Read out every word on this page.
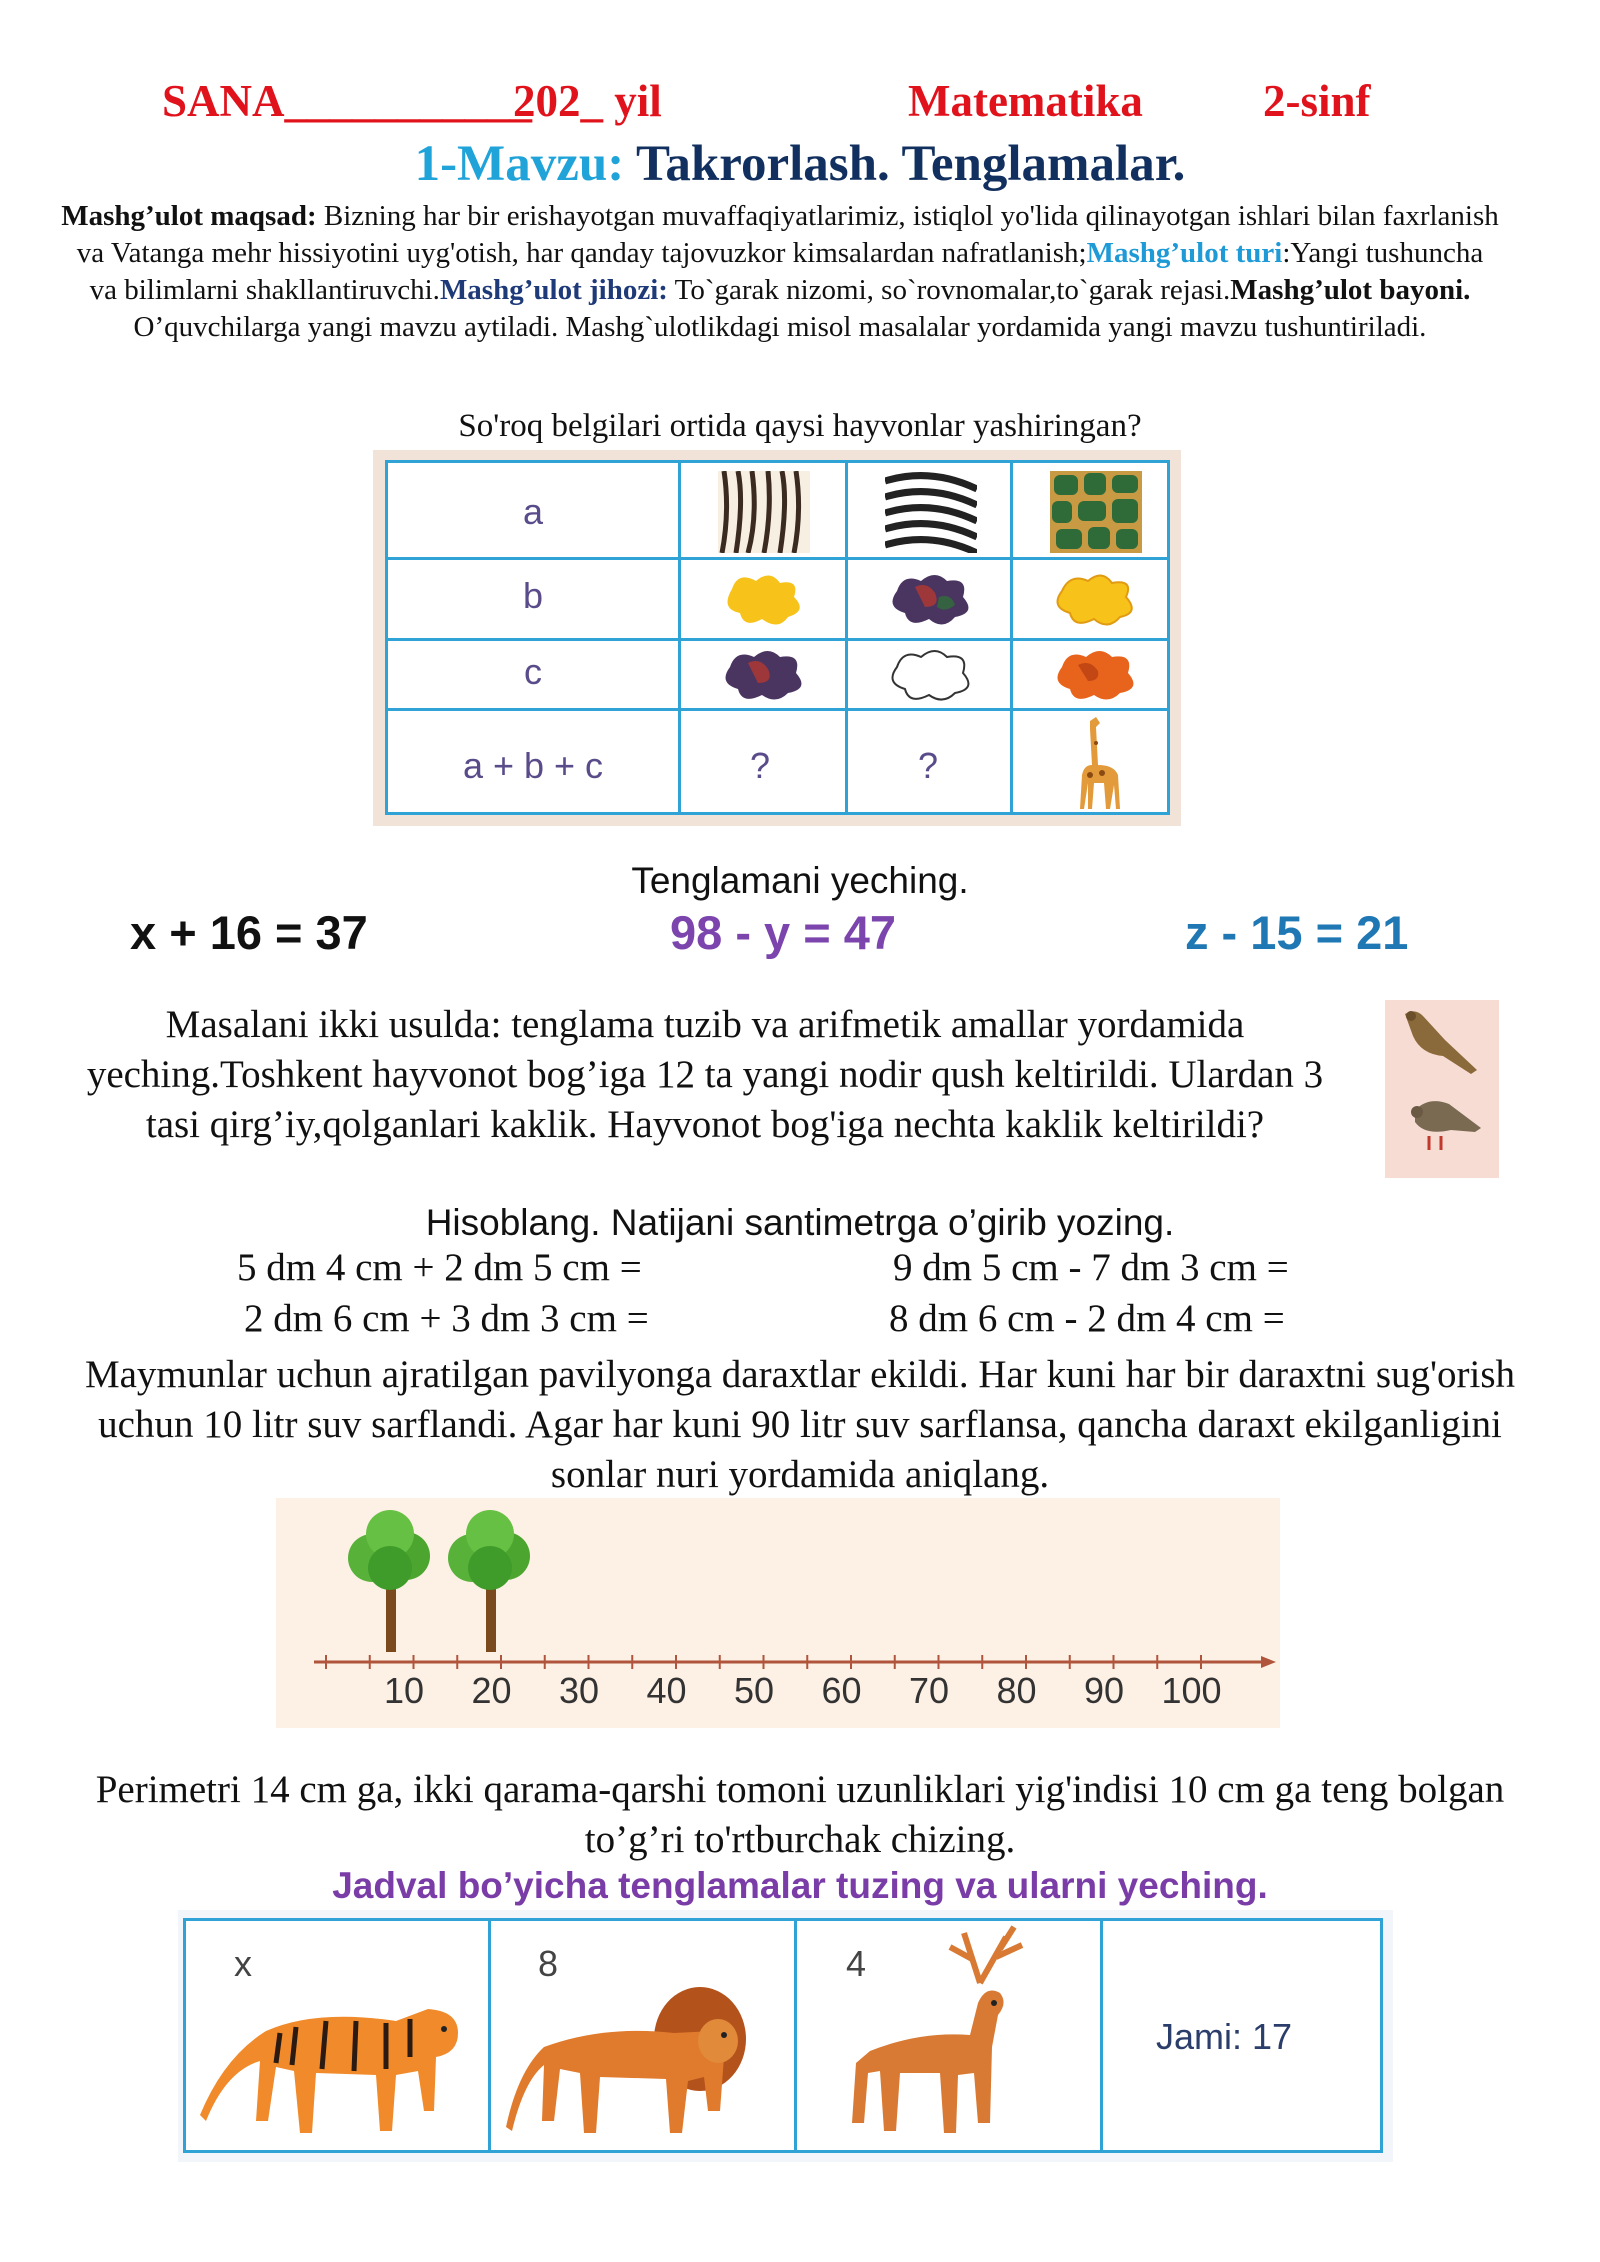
SANA___________
202_ yil	Matematika	2-sinf
1-Mavzu: Takrorlash. Tenglamalar.
Mashg’ulot maqsad: Bizning har bir erishayotgan muvaffaqiyatlarimiz, istiqlol yo'lida qilinayotgan ishlari bilan faxrlanish va Vatanga mehr hissiyotini uyg'otish, har qanday tajovuzkor kimsalardan nafratlanish;Mashg’ulot turi:Yangi tushuncha va bilimlarni shakllantiruvchi.Mashg’ulot jihozi: To`garak nizomi, so`rovnomalar,to`garak rejasi.Mashg’ulot bayoni. O’quvchilarga yangi mavzu aytiladi. Mashg`ulotlikdagi misol masalalar yordamida yangi mavzu tushuntiriladi.
So'roq belgilari ortida qaysi hayvonlar yashiringan?
a
b
c
a + b + c	?	?
Tenglamani yeching.
x + 16 = 37	98 - y = 47	z - 15 = 21
Masalani ikki usulda: tenglama tuzib va arifmetik amallar yordamida yeching.Toshkent hayvonot bog’iga 12 ta yangi nodir qush keltirildi. Ulardan 3 tasi qirg’iy,qolganlari kaklik. Hayvonot bog'iga nechta kaklik keltirildi?
Hisoblang. Natijani santimetrga o’girib yozing.
5 dm 4 cm + 2 dm 5 cm =	9 dm 5 cm - 7 dm 3 cm =
2 dm 6 cm + 3 dm 3 cm =	8 dm 6 cm - 2 dm 4 cm =
Maymunlar uchun ajratilgan pavilyonga daraxtlar ekildi. Har kuni har bir daraxtni sug'orish uchun 10 litr suv sarflandi. Agar har kuni 90 litr suv sarflansa, qancha daraxt ekilganligini sonlar nuri yordamida aniqlang.
10 20 30 40 50 60 70 80 90 100
Perimetri 14 cm ga, ikki qarama-qarshi tomoni uzunliklari yig'indisi 10 cm ga teng bolgan to’g’ri to'rtburchak chizing.
Jadval bo’yicha tenglamalar tuzing va ularni yeching.
x	8	4
Jami: 17
